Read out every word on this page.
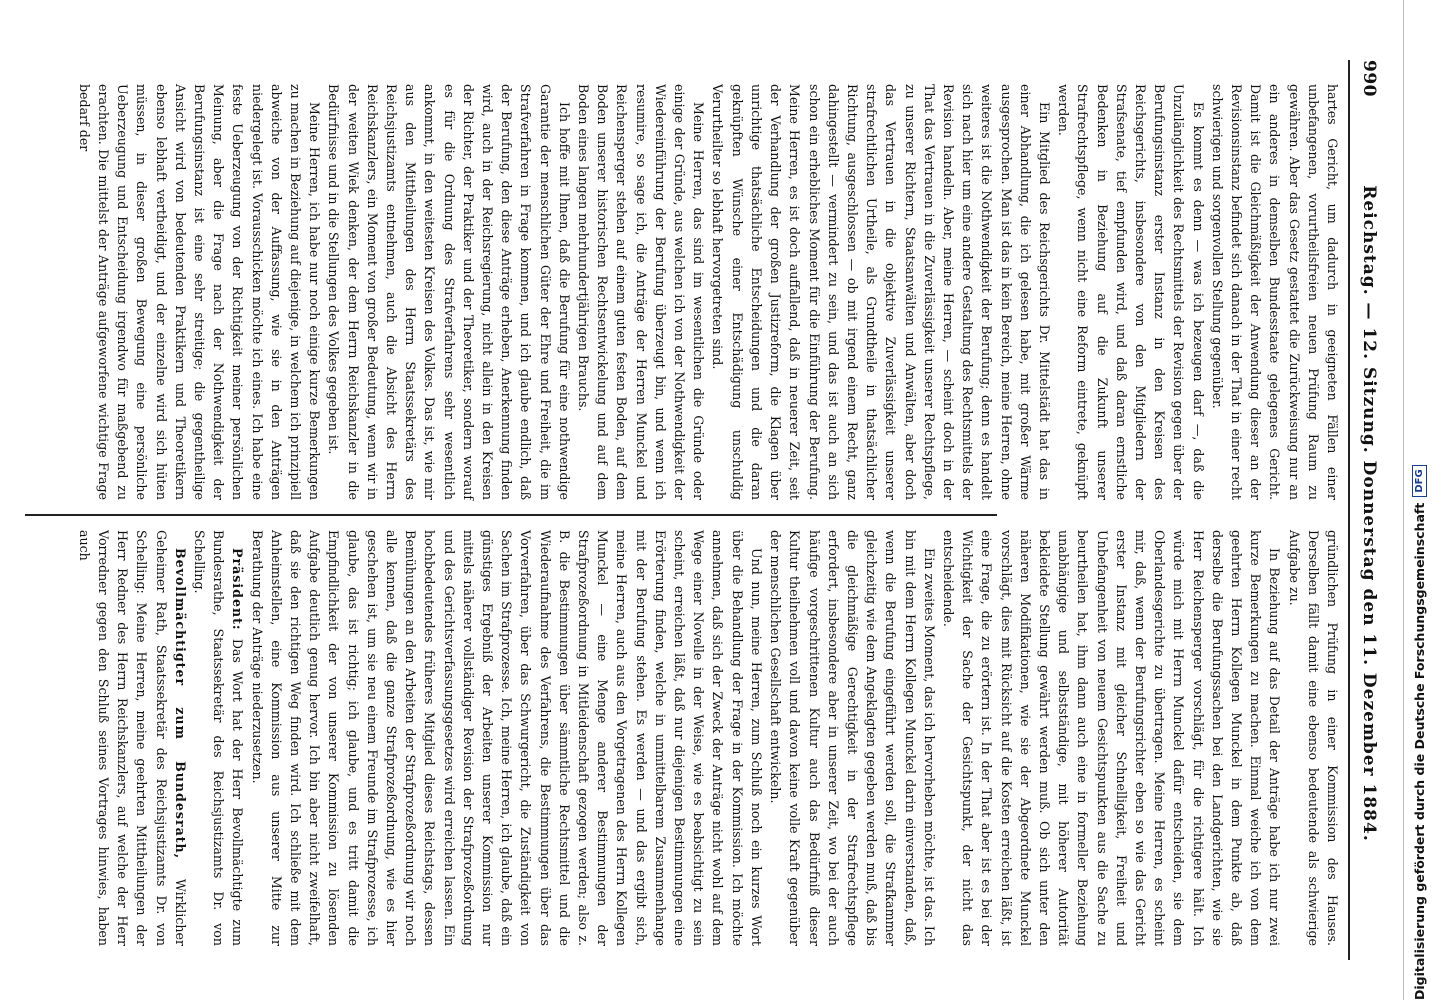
990
Reichstag. — 12. Sitzung. Donnerstag den 11. Dezember 1884.

hartes Gericht, um dadurch in geeigneten Fällen einer unbefangenen, vorurtheilsfreien neuen Prüfung Raum zu gewähren. Aber das Gesetz gestattet die Zurückweisung nur an ein anderes in demselben Bundesstaate gelegenes Gericht. Damit ist die Gleichmäßigkeit der Anwendung dieser an der Revisionsinstanz befindet sich danach in der That in einer recht schwierigen und sorgenvollen Stellung gegenüber.

Es kommt es denn — was ich bezeugen darf —, daß die Unzulänglichkeit des Rechtsmittels der Revision gegen über der Berufungsinstanz erster Instanz in den Kreisen des Reichsgerichts, insbesondere von den Mitgliedern der Strafsenate, tief empfunden wird, und daß daran ernstliche Bedenken in Beziehung auf die Zukunft unserer Strafrechtspflege, wenn nicht eine Reform eintrete, geknüpft werden.

Ein Mitglied des Reichsgerichts Dr. Mittelstädt hat das in einer Abhandlung, die ich gelesen habe, mit großer Wärme ausgesprochen. Man ist das in kein Bereich, meine Herren, ohne weiteres ist die Nothwendigkeit der Berufung; denn es handelt sich nach hier um eine andere Gestaltung des Rechtsmittels der Revision handeln. Aber, meine Herren, — scheint doch in der That das Vertrauen in die Zuverlässigkeit unserer Rechtspflege, zu unserer Richtern, Staatsanwälten und Anwälten, aber doch das Vertrauen in die objektive Zuverlässigkeit unserer strafrechtlichen Urtheile, als Grundtheile in thatsächlicher Richtung, ausgeschlossen — ob mit irgend einem Recht, ganz dahingestellt — vermindert zu sein, und das ist auch an sich schon ein erhebliches Moment für die Einführung der Berufung. Meine Herren, es ist doch auffallend, daß in neuerer Zeit, seit der Verhandlung der großen Justizreform, die Klagen über unrichtige thatsächliche Entscheidungen und die daran geknüpften Wünsche einer Entschädigung unschuldig Verurtheilter so lebhaft hervorgetreten sind.

Meine Herren, das sind im wesentlichen die Gründe oder einige der Gründe, aus welchen ich von der Nothwendigkeit der Wiedereinführung der Berufung überzeugt bin, und wenn ich resumire, so sage ich, die Anträge der Herren Munckel und Reichensperger stehen auf einem guten festen Boden, auf dem Boden unserer historischen Rechtsentwickelung und auf dem Boden eines langen mehrhundertjährigen Brauchs.

Ich hoffe mit Ihnen, daß die Berufung für eine nothwendige Garantie der menschlichen Güter der Ehre und Freiheit, die im Strafverfahren in Frage kommen, und ich glaube endlich, daß der Berufung, den diese Anträge erheben, Anerkennung finden wird, auch in der Reichsregierung, nicht allein in den Kreisen der Richter, der Praktiker und der Theoretiker, sondern worauf es für die Ordnung des Strafverfahrens sehr wesentlich ankommt, in den weitesten Kreisen des Volkes. Das ist, wie mir aus den Mittheilungen des Herrn Staatssekretärs des Reichsjustizamts entnehmen, auch die Absicht des Herrn Reichskanzlers, ein Moment von großer Bedeutung, wenn wir in der weiten Wiek denken, der dem Herrn Reichskanzler in die Bedürfnisse und in die Stellungen des Volkes gegeben ist.

Meine Herren, ich habe nur noch einige kurze Bemerkungen zu machen in Beziehung auf diejenige, in welchem ich prinzipiell abweiche von der Auffassung, wie sie in den Anträgen niedergelegt ist. Vorausschicken möchte ich eines. Ich habe eine feste Ueberzeugung von der Richtigkeit meiner persönlichen Meinung, aber die Frage nach der Nothwendigkeit der Berufungsinstanz ist eine sehr streitige; die gegentheilige Ansicht wird von bedeutenden Praktikern und Theoretikern ebenso lebhaft vertheidigt, und der einzelne wird sich hüten müssen, in dieser großen Bewegung eine persönliche Ueberzeugung und Entscheidung irgendwo für maßgebend zu erachten. Die mittelst der Anträge aufgeworfene wichtige Frage bedarf der

gründlichen Prüfung in einer Kommission des Hauses. Derselben fällt damit eine ebenso bedeutende als schwierige Aufgabe zu.

In Beziehung auf das Detail der Anträge habe ich nur zwei kurze Bemerkungen zu machen. Einmal weiche ich von dem geehrten Herrn Kollegen Munckel in dem Punkte ab, daß derselbe die Berufungssachen bei den Landgerichten, wie sie Herr Reichensperger vorschlägt, für die richtigere hält. Ich würde mich mit Herrn Munckel dafür entscheiden, sie dem Oberlandesgerichte zu übertragen. Meine Herren, es scheint mir, daß, wenn der Berufungsrichter eben so wie das Gericht erster Instanz mit gleicher Schnelligkeit, Freiheit und Unbefangenheit von neuem Gesichtspunkten aus die Sache zu beurtheilen hat, ihm dann auch eine in formeller Beziehung unabhängige und selbstständige, mit höherer Autorität bekleidete Stellung gewährt werden muß. Ob sich unter den näheren Modifikationen, wie sie der Abgeordnete Munckel vorschlägt, dies mit Rücksicht auf die Kosten erreichen läßt, ist eine Frage, die zu erörtern ist. In der That aber ist es bei der Wichtigkeit der Sache der Gesichtspunkt, der nicht das entscheidende.

Ein zweites Moment, das ich hervorheben möchte, ist das. Ich bin mit dem Herrn Kollegen Munckel darin einverstanden, daß, wenn die Berufung eingeführt werden soll, die Strafkammer gleichzeitig wie dem Angeklagten gegeben werden muß, daß bis die gleichmäßige Gerechtigkeit in der Strafrechtspflege erfordert, insbesondere aber in unserer Zeit, wo bei der auch häufige vorgeschrittenen Kultur auch das Bedürfniß dieser Kultur theilnehmen voll und davon keine volle Kraft gegenüber der menschlichen Gesellschaft entwickeln.

Und nun, meine Herren, zum Schluß noch ein kurzes Wort über die Behandlung der Frage in der Kommission. Ich möchte annehmen, daß sich der Zweck der Anträge nicht wohl auf dem Wege einer Novelle in der Weise, wie es beabsichtigt zu sein scheint, erreichen läßt, daß nur diejenigen Bestimmungen eine Erörterung finden, welche in unmittelbarem Zusammenhange mit der Berufung stehen. Es werden — und das ergibt sich, meine Herren, auch aus den Vorgetragenen des Herrn Kollegen Munckel — eine Menge anderer Bestimmungen der Strafprozeßordnung in Mitleidenschaft gezogen werden; also z. B. die Bestimmungen über sämmtliche Rechtsmittel und die Wiederaufnahme des Verfahrens, die Bestimmungen über das Vorverfahren, über das Schwurgericht, die Zuständigkeit von Sachen im Strafprozesse. Ich, meine Herren, ich glaube, daß ein günstiges Ergebniß der Arbeiten unserer Kommission nur mittels näherer vollständiger Revision der Strafprozeßordnung und des Gerichtsverfassungsgesetzes wird erreichen lassen. Ein hochbedeutendes früheres Mitglied dieses Reichstags, dessen Bemühungen an den Arbeiten der Strafprozeßordnung wir noch alle kennen, daß die ganze Strafprozeßordnung, wie es hier geschehen ist, um sie neu einem Freunde im Strafprozesse, ich glaube, das ist richtig; ich glaube, und es tritt damit die Empfindlichkeit der von unserer Kommission zu lösenden Aufgabe deutlich genug hervor. Ich bin aber nicht zweifelhaft, daß sie den richtigen Weg finden wird. Ich schließe mit dem Anheimstellen, eine Kommission aus unserer Mitte zur Berathung der Anträge niederzusetzen.

Präsident: Das Wort hat der Herr Bevollmächtigte zum Bundesrathe, Staatssekretär des Reichsjustizamts Dr. von Schelling.

Bevollmächtigter zum Bundesrath, Wirklicher Geheimer Rath, Staatssekretär des Reichsjustizamts Dr. von Schelling: Meine Herren, meine geehrten Mittheilungen der Herr Redner des Herrn Reichskanzlers, auf welche der Herr Vorredner gegen den Schluß seines Vortrages hinwies, haben auch	Digitalisierung gefördert durch die Deutsche Forschungsgemeinschaft
DFG
